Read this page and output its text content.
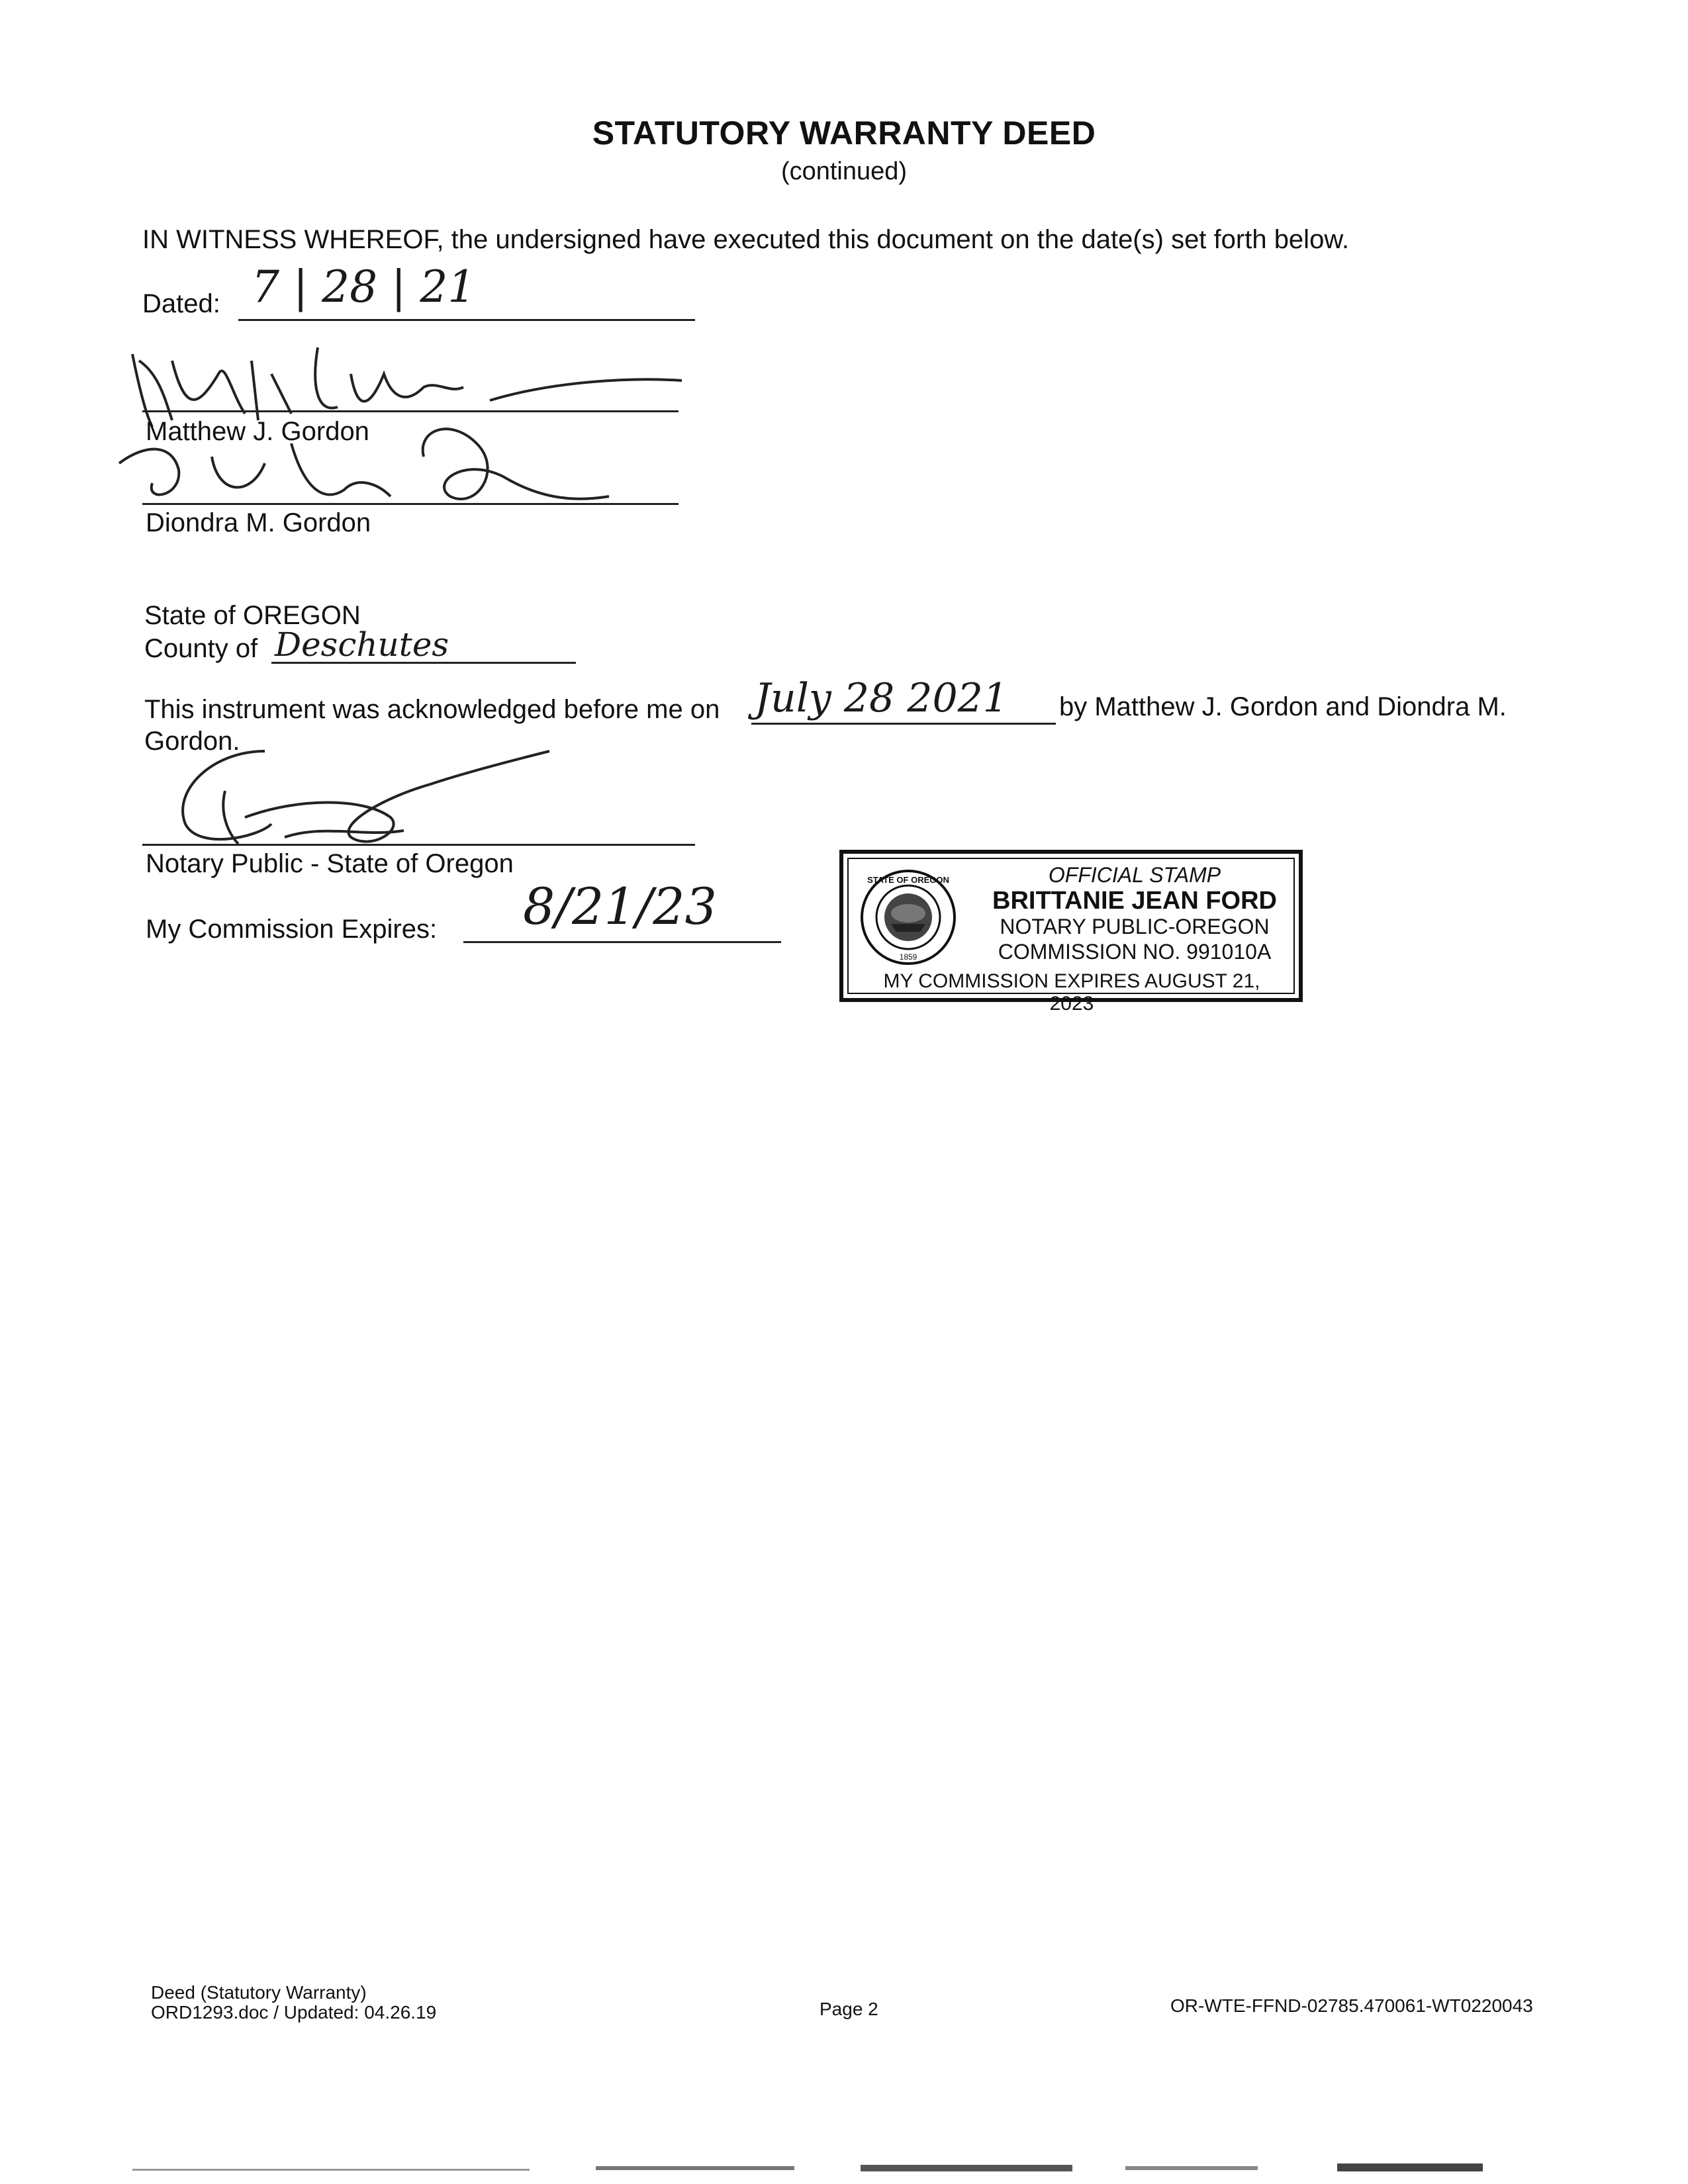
STATUTORY WARRANTY DEED
(continued)
IN WITNESS WHEREOF, the undersigned have executed this document on the date(s) set forth below.
Dated: 7 | 28 | 21
Matthew J. Gordon
Diondra M. Gordon
State of OREGON
County of Deschutes
This instrument was acknowledged before me on July 28 2021 by Matthew J. Gordon and Diondra M.
Gordon.
Notary Public - State of Oregon
My Commission Expires: 8/21/23	STATE OF OREGON
1859
OFFICIAL STAMP
BRITTANIE JEAN FORD
NOTARY PUBLIC-OREGON
COMMISSION NO. 991010A
MY COMMISSION EXPIRES AUGUST 21, 2023
Deed (Statutory Warranty)
ORD1293.doc / Updated: 04.26.19	Page 2	OR-WTE-FFND-02785.470061-WT0220043
